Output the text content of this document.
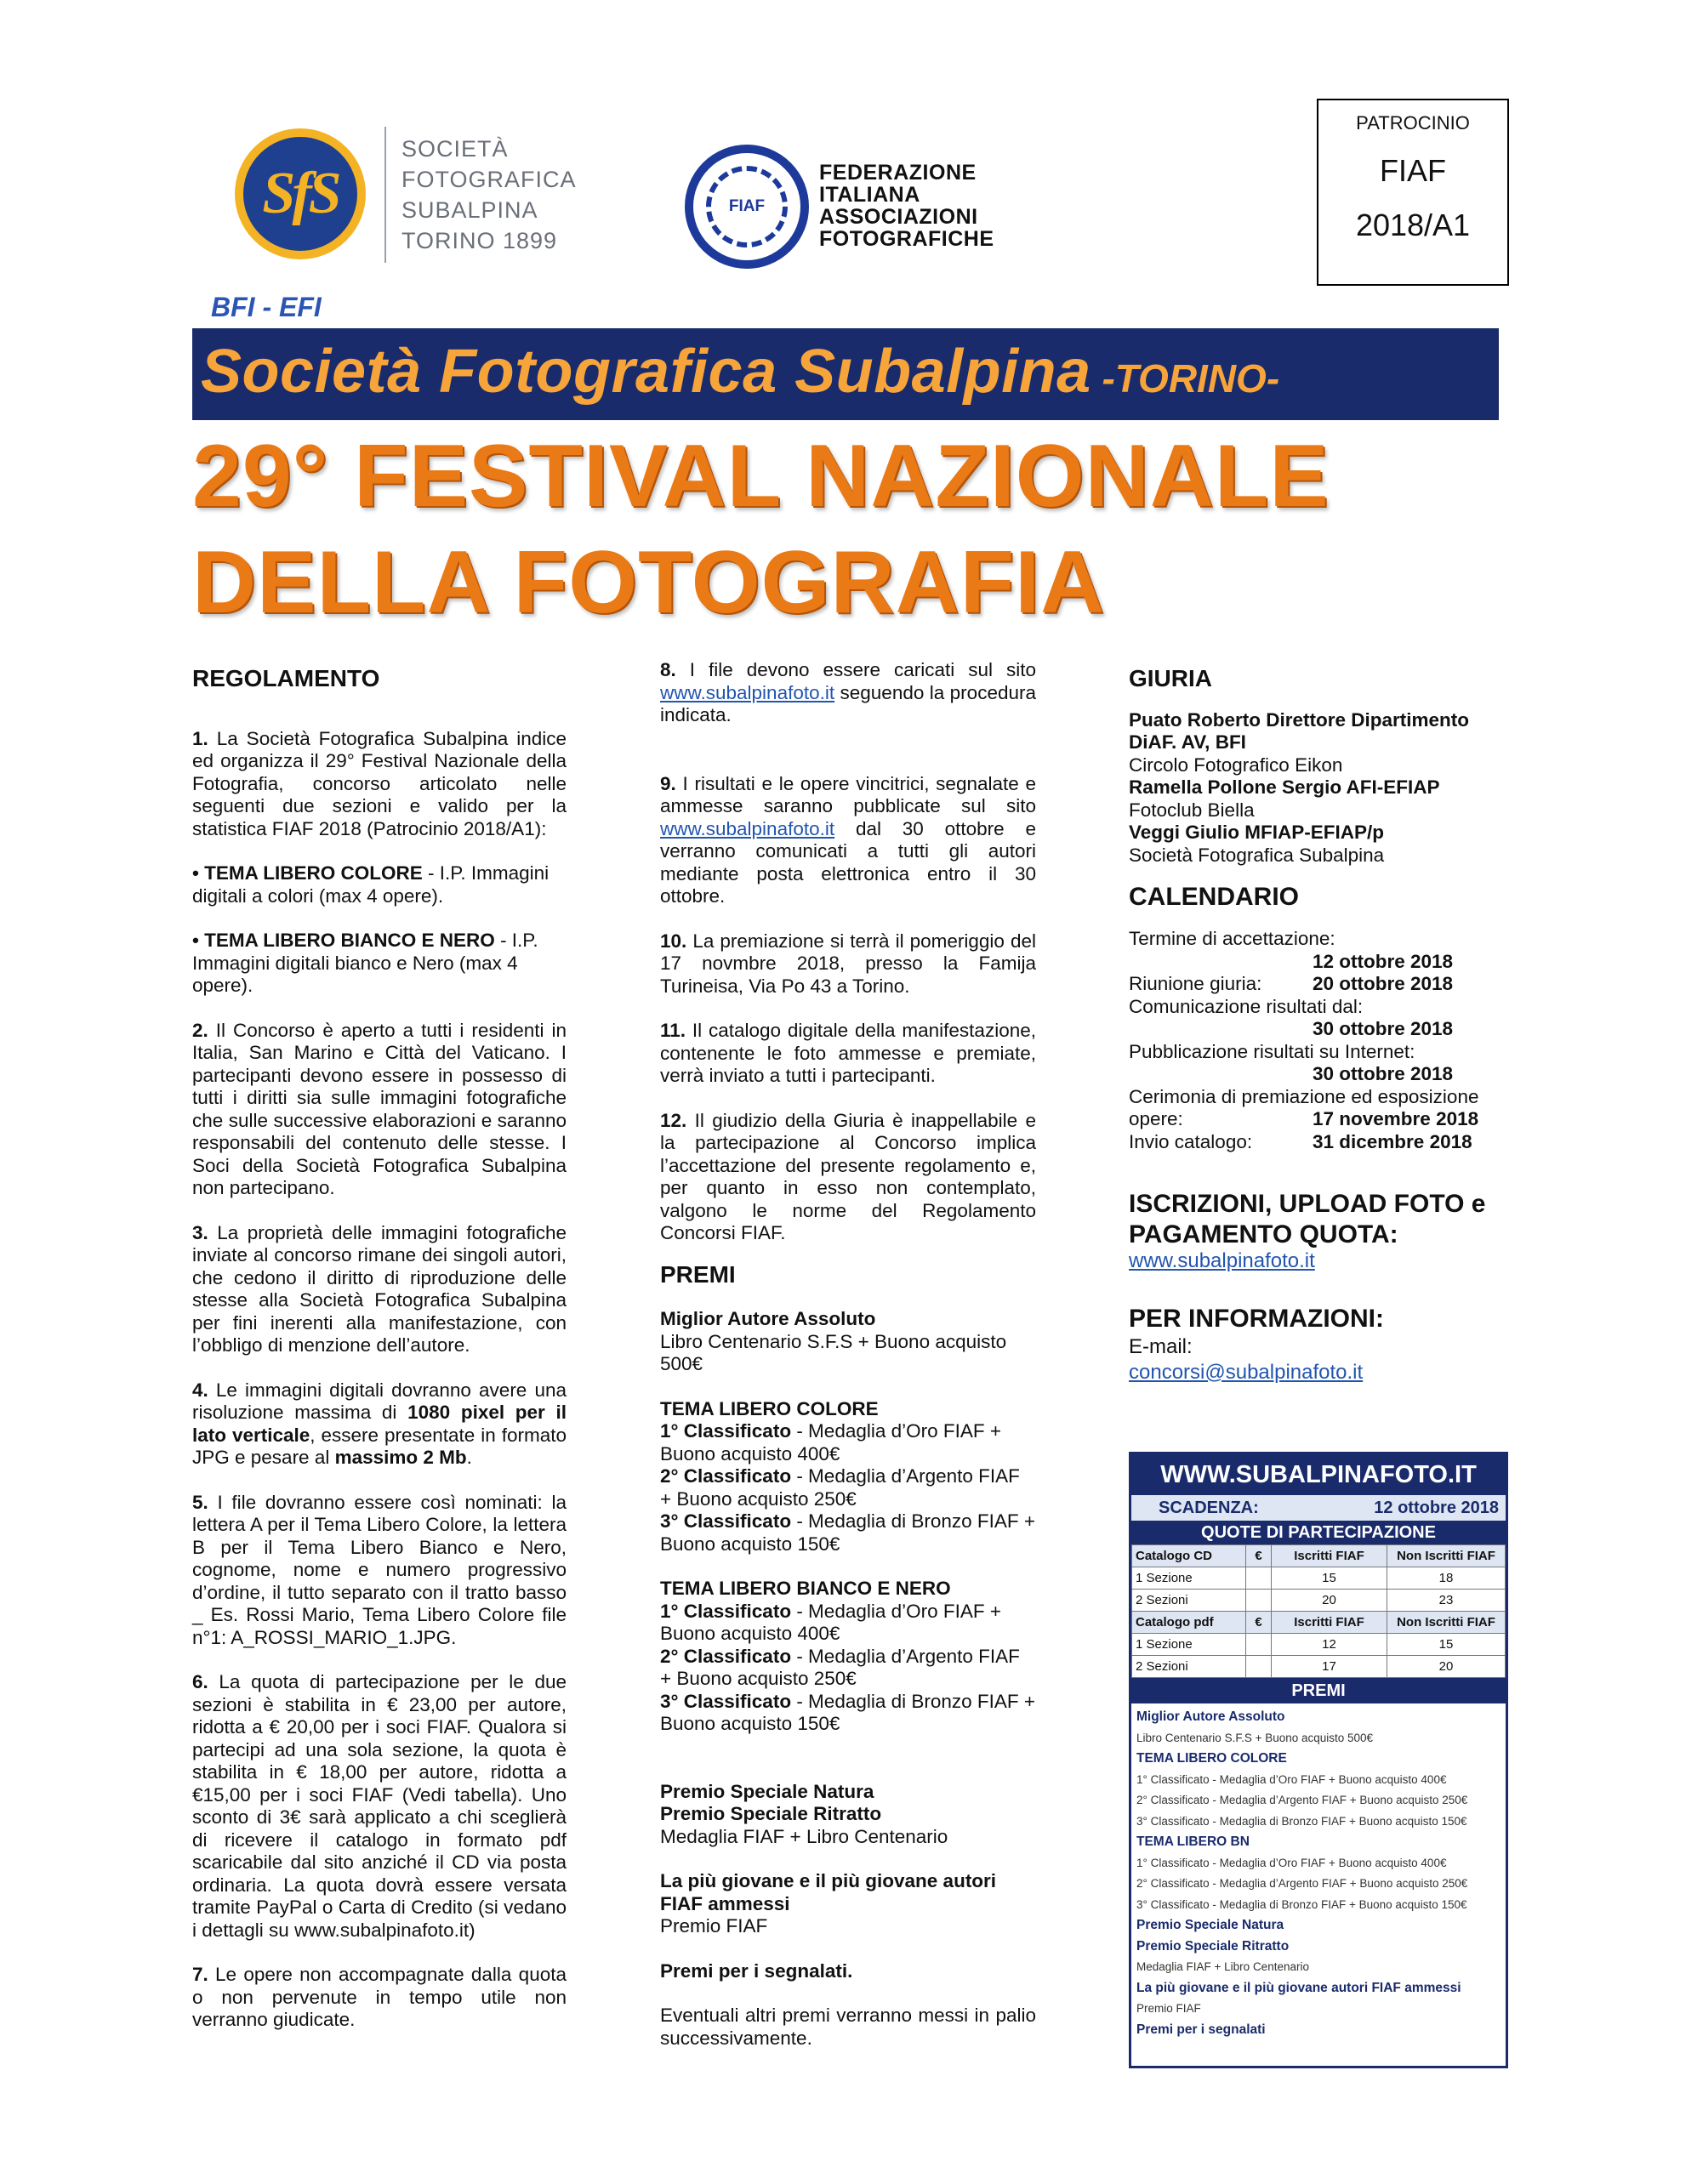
SfS
SOCIETÀ
FOTOGRAFICA
SUBALPINA
TORINO 1899
FIAF
FEDERAZIONE
ITALIANA
ASSOCIAZIONI
FOTOGRAFICHE
PATROCINIO
FIAF
2018/A1
BFI - EFI
Società Fotografica Subalpina -TORINO-
29° FESTIVAL NAZIONALE
DELLA FOTOGRAFIA
REGOLAMENTO

1. La Società Fotografica Subalpina indice ed organizza il 29° Festival Nazionale della Fotografia, concorso articolato nelle seguenti due sezioni e valido per la statistica FIAF 2018 (Patrocinio 2018/A1):

• TEMA LIBERO COLORE - I.P. Immagini digitali a colori (max 4 opere).

• TEMA LIBERO BIANCO E NERO - I.P. Immagini digitali bianco e Nero (max 4 opere).

2. Il Concorso è aperto a tutti i residenti in Italia, San Marino e Città del Vaticano. I partecipanti devono essere in possesso di tutti i diritti sia sulle immagini fotografiche che sulle successive elaborazioni e saranno responsabili del contenuto delle stesse. I Soci della Società Fotografica Subalpina non partecipano.

3. La proprietà delle immagini fotografiche inviate al concorso rimane dei singoli autori, che cedono il diritto di riproduzione delle stesse alla Società Fotografica Subalpina per fini inerenti alla manifestazione, con l’obbligo di menzione dell’autore.

4. Le immagini digitali dovranno avere una risoluzione massima di 1080 pixel per il lato verticale, essere presentate in formato JPG e pesare al massimo 2 Mb.

5. I file dovranno essere così nominati: la lettera A per il Tema Libero Colore, la lettera B per il Tema Libero Bianco e Nero, cognome, nome e numero progressivo d’ordine, il tutto separato con il tratto basso _ Es. Rossi Mario, Tema Libero Colore file n°1: A_ROSSI_MARIO_1.JPG.

6. La quota di partecipazione per le due sezioni è stabilita in € 23,00 per autore, ridotta a € 20,00 per i soci FIAF. Qualora si partecipi ad una sola sezione, la quota è stabilita in € 18,00 per autore, ridotta a €15,00 per i soci FIAF (Vedi tabella). Uno sconto di 3€ sarà applicato a chi sceglierà di ricevere il catalogo in formato pdf scaricabile dal sito anziché il CD via posta ordinaria. La quota dovrà essere versata tramite PayPal o Carta di Credito (si vedano i dettagli su www.subalpinafoto.it)

7. Le opere non accompagnate dalla quota o non pervenute in tempo utile non verranno giudicate.

8. I file devono essere caricati sul sito www.subalpinafoto.it seguendo la procedura indicata.

9. I risultati e le opere vincitrici, segnalate e ammesse saranno pubblicate sul sito www.subalpinafoto.it dal 30 ottobre e verranno comunicati a tutti gli autori mediante posta elettronica entro il 30 ottobre.

10. La premiazione si terrà il pomeriggio del 17 novmbre 2018, presso la Famija Turineisa, Via Po 43 a Torino.

11. Il catalogo digitale della manifestazione, contenente le foto ammesse e premiate, verrà inviato a tutti i partecipanti.

12. Il giudizio della Giuria è inappellabile e la partecipazione al Concorso implica l’accettazione del presente regolamento e, per quanto in esso non contemplato, valgono le norme del Regolamento Concorsi FIAF.

PREMI
Miglior Autore Assoluto
Libro Centenario S.F.S + Buono acquisto 500€
TEMA LIBERO COLORE
1° Classificato - Medaglia d’Oro FIAF + Buono acquisto 400€
2° Classificato - Medaglia d’Argento FIAF + Buono acquisto 250€
3° Classificato - Medaglia di Bronzo FIAF + Buono acquisto 150€
TEMA LIBERO BIANCO E NERO
1° Classificato - Medaglia d’Oro FIAF + Buono acquisto 400€
2° Classificato - Medaglia d’Argento FIAF + Buono acquisto 250€
3° Classificato - Medaglia di Bronzo FIAF + Buono acquisto 150€
Premio Speciale Natura
Premio Speciale Ritratto
Medaglia FIAF + Libro Centenario
La più giovane e il più giovane autori FIAF ammessi
Premio FIAF
Premi per i segnalati.

Eventuali altri premi verranno messi in palio successivamente.

GIURIA
Puato Roberto Direttore Dipartimento DiAF. AV, BFI
Circolo Fotografico Eikon
Ramella Pollone Sergio AFI-EFIAP
Fotoclub Biella
Veggi Giulio MFIAP-EFIAP/p
Società Fotografica Subalpina
CALENDARIO
Termine di accettazione:
12 ottobre 2018
Riunione giuria:	20 ottobre 2018
Comunicazione risultati dal:
30 ottobre 2018
Pubblicazione risultati su Internet:
30 ottobre 2018
Cerimonia di premiazione ed esposizione
opere:	17 novembre 2018
Invio catalogo:	31 dicembre 2018
ISCRIZIONI, UPLOAD FOTO e
PAGAMENTO QUOTA:
www.subalpinafoto.it
PER INFORMAZIONI:
E-mail:
concorsi@subalpinafoto.it
WWW.SUBALPINAFOTO.IT
SCADENZA:	12 ottobre 2018
QUOTE DI PARTECIPAZIONE
Catalogo CD	€	Iscritti FIAF	Non Iscritti FIAF
1 Sezione		15	18
2 Sezioni		20	23
Catalogo pdf	€	Iscritti FIAF	Non Iscritti FIAF
1 Sezione		12	15
2 Sezioni		17	20
PREMI
Miglior Autore Assoluto
Libro Centenario S.F.S + Buono acquisto 500€
TEMA LIBERO COLORE
1° Classificato - Medaglia d’Oro FIAF + Buono acquisto 400€
2° Classificato - Medaglia d’Argento FIAF + Buono acquisto 250€
3° Classificato - Medaglia di Bronzo FIAF + Buono acquisto 150€
TEMA LIBERO BN
1° Classificato - Medaglia d’Oro FIAF + Buono acquisto 400€
2° Classificato - Medaglia d’Argento FIAF + Buono acquisto 250€
3° Classificato - Medaglia di Bronzo FIAF + Buono acquisto 150€
Premio Speciale Natura
Premio Speciale Ritratto
Medaglia FIAF + Libro Centenario
La più giovane e il più giovane autori FIAF ammessi
Premio FIAF
Premi per i segnalati
